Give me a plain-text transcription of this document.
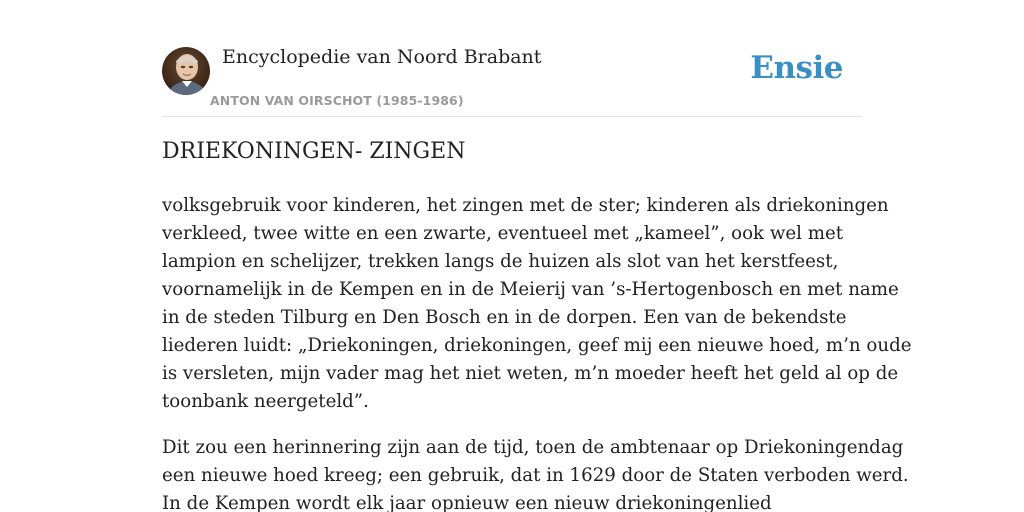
Encyclopedie van Noord Brabant
ANTON VAN OIRSCHOT (1985-1986)
Ensie
DRIEKONINGEN- ZINGEN

volksgebruik voor kinderen, het zingen met de ster; kinderen als driekoningen
verkleed, twee witte en een zwarte, eventueel met „kameel”, ook wel met
lampion en schelijzer, trekken langs de huizen als slot van het kerstfeest,
voornamelijk in de Kempen en in de Meierij van ’s-Hertogenbosch en met name
in de steden Tilburg en Den Bosch en in de dorpen. Een van de bekendste
liederen luidt: „Driekoningen, driekoningen, geef mij een nieuwe hoed, m’n oude
is versleten, mijn vader mag het niet weten, m’n moeder heeft het geld al op de
toonbank neergeteld”.

Dit zou een herinnering zijn aan de tijd, toen de ambtenaar op Driekoningendag
een nieuwe hoed kreeg; een gebruik, dat in 1629 door de Staten verboden werd.
In de Kempen wordt elk jaar opnieuw een nieuw driekoningenlied
